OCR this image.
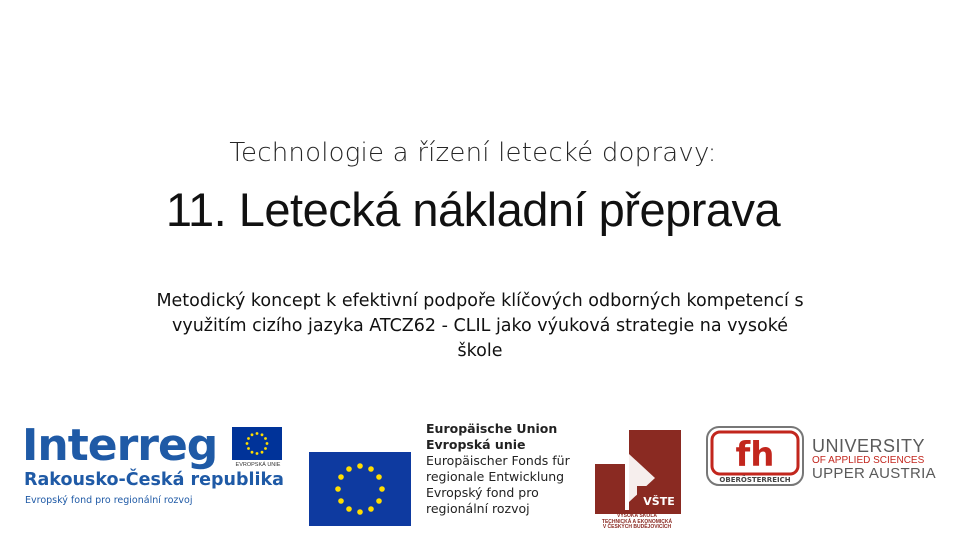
Technologie a řízení letecké dopravy:
11. Letecká nákladní přeprava
Metodický koncept k efektivní podpoře klíčových odborných kompetencí s využitím cizího jazyka ATCZ62 - CLIL jako výuková strategie na vysoké škole
Interreg
Rakousko-Česká republika
Evropský fond pro regionální rozvoj
EVROPSKÁ UNIE
Europäische Union
Evropská unie
Europäischer Fonds für
regionale Entwicklung
Evropský fond pro
regionální rozvoj	VŠTE
VYSOKÁ ŠKOLA
TECHNICKÁ A EKONOMICKÁ
V ČESKÝCH BUDĚJOVICÍCH
fh
OBERÖSTERREICH
UNIVERSITY
OF APPLIED SCIENCES
UPPER AUSTRIA
